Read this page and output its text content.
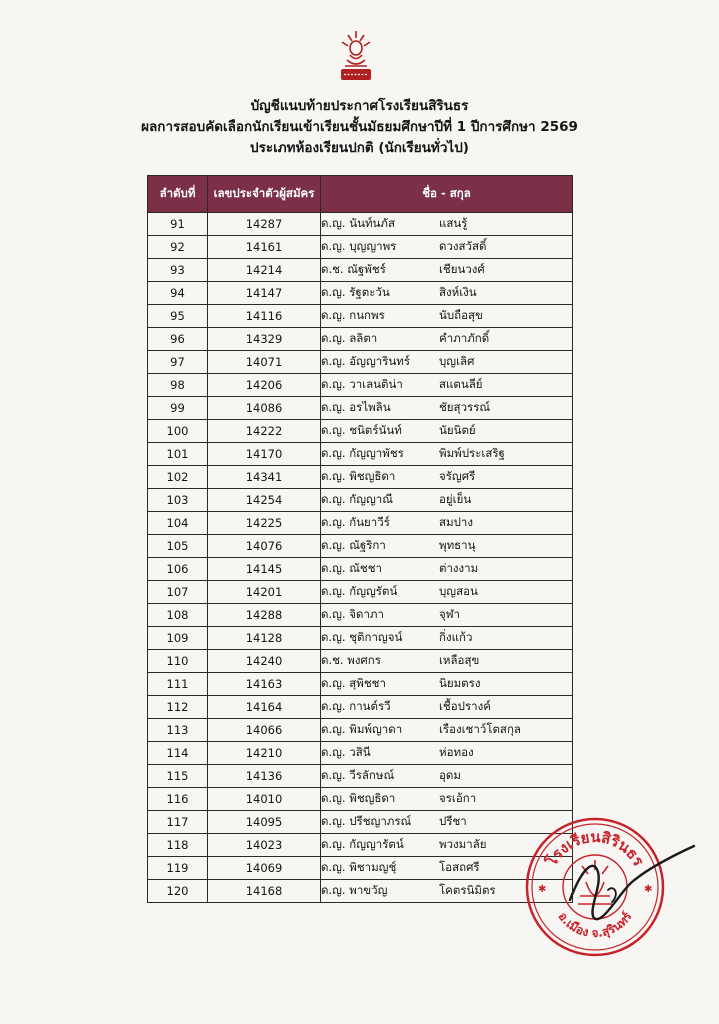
บัญชีแนบท้ายประกาศโรงเรียนสิรินธร
ผลการสอบคัดเลือกนักเรียนเข้าเรียนชั้นมัธยมศึกษาปีที่ 1 ปีการศึกษา 2569
ประเภทห้องเรียนปกติ (นักเรียนทั่วไป)
ลำดับที่	เลขประจำตัวผู้สมัคร	ชื่อ - สกุล
91	14287	ด.ญ. นันท์นภัส แสนรู้
92	14161	ด.ญ. บุญญาพร ดวงสวัสดิ์
93	14214	ด.ช. ณัฐพัชร์ เชียนวงศ์
94	14147	ด.ญ. รัฐตะวัน สิงห์เงิน
95	14116	ด.ญ. กนกพร นับถือสุข
96	14329	ด.ญ. ลลิตา คำภาภักดิ์
97	14071	ด.ญ. อัญญารินทร์ บุญเลิศ
98	14206	ด.ญ. วาเลนติน่า สแตนลีย์
99	14086	ด.ญ. อรไพลิน ชัยสุวรรณ์
100	14222	ด.ญ. ชนิตร์นันท์ นัยนิตย์
101	14170	ด.ญ. กัญญาพัชร พิมพ์ประเสริฐ
102	14341	ด.ญ. พิชญธิดา จรัญศรี
103	14254	ด.ญ. กัญญาณี อยู่เย็น
104	14225	ด.ญ. กันยาวีร์ สมปาง
105	14076	ด.ญ. ณัฐริกา พุทธานุ
106	14145	ด.ญ. ณัชชา ต่างงาม
107	14201	ด.ญ. กัญญรัตน์ บุญสอน
108	14288	ด.ญ. จิดาภา จุฬา
109	14128	ด.ญ. ชุติกาญจน์ กิ่งแก้ว
110	14240	ด.ช. พงศกร เหลือสุข
111	14163	ด.ญ. สุพิชชา นิยมตรง
112	14164	ด.ญ. กานต์รวี เชื้อปรางค์
113	14066	ด.ญ. พิมพ์ญาดา เรืองเชาว์โตสกุล
114	14210	ด.ญ. วสินี ห่อทอง
115	14136	ด.ญ. วีรลักษณ์ อุดม
116	14010	ด.ญ. พิชญธิดา จรเอ้กา
117	14095	ด.ญ. ปรีชญาภรณ์ ปรีชา
118	14023	ด.ญ. กัญญารัตน์ พวงมาลัย
119	14069	ด.ญ. พิชามญชุ์ โอสถศรี
120	14168	ด.ญ. พาขวัญ โคตรนิมิตร
โรงเรียนสิรินธร
อ.เมือง จ.สุรินทร์
✱	✱
